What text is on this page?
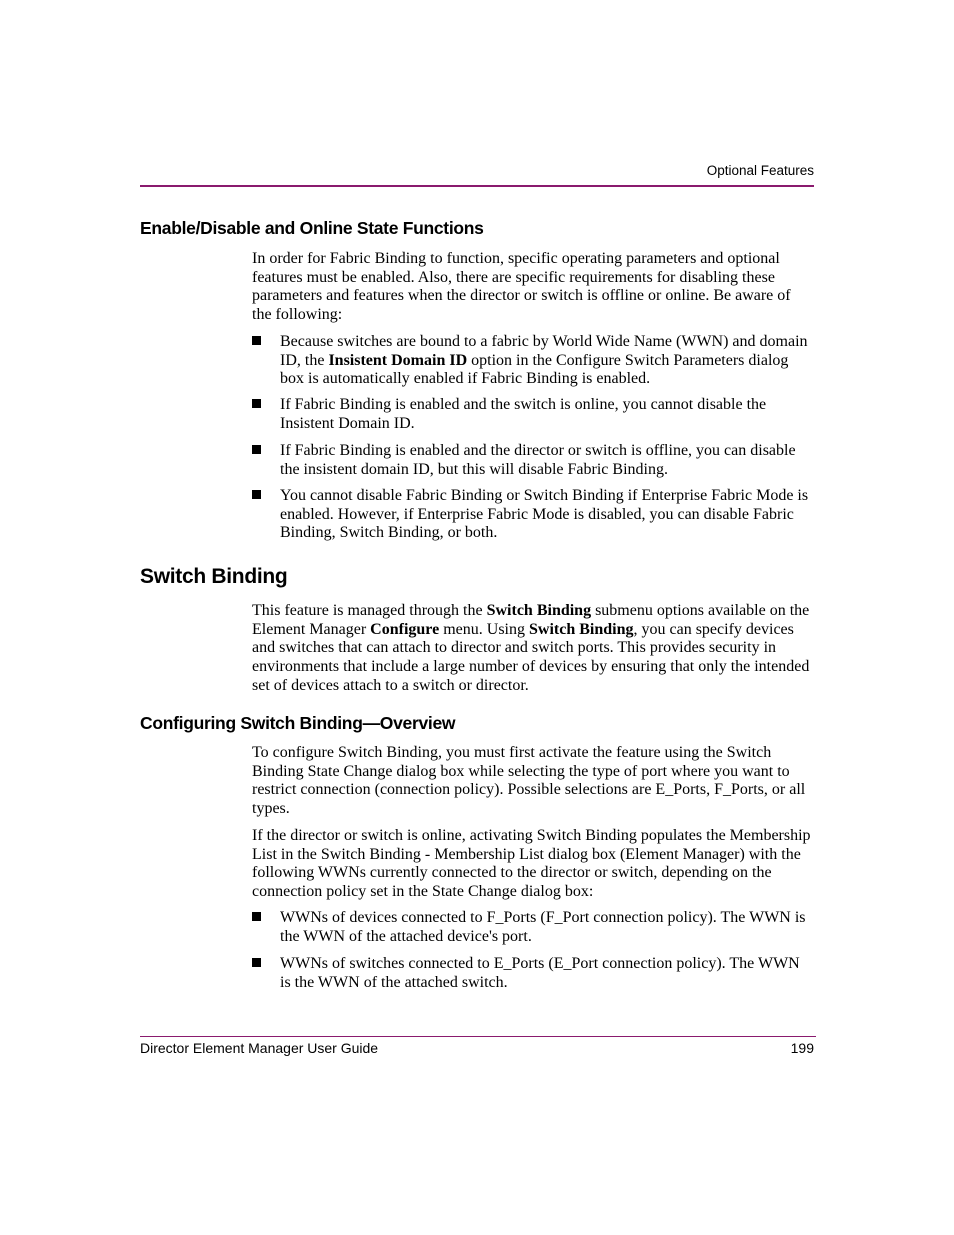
Optional Features
Enable/Disable and Online State Functions

In order for Fabric Binding to function, specific operating parameters and optional features must be enabled. Also, there are specific requirements for disabling these parameters and features when the director or switch is offline or online. Be aware of the following:

Because switches are bound to a fabric by World Wide Name (WWN) and domain ID, the Insistent Domain ID option in the Configure Switch Parameters dialog box is automatically enabled if Fabric Binding is enabled.
If Fabric Binding is enabled and the switch is online, you cannot disable the Insistent Domain ID.
If Fabric Binding is enabled and the director or switch is offline, you can disable the insistent domain ID, but this will disable Fabric Binding.
You cannot disable Fabric Binding or Switch Binding if Enterprise Fabric Mode is enabled. However, if Enterprise Fabric Mode is disabled, you can disable Fabric Binding, Switch Binding, or both.
Switch Binding

This feature is managed through the Switch Binding submenu options available on the Element Manager Configure menu. Using Switch Binding, you can specify devices and switches that can attach to director and switch ports. This provides security in environments that include a large number of devices by ensuring that only the intended set of devices attach to a switch or director.

Configuring Switch Binding—Overview

To configure Switch Binding, you must first activate the feature using the Switch Binding State Change dialog box while selecting the type of port where you want to restrict connection (connection policy). Possible selections are E_Ports, F_Ports, or all types.

If the director or switch is online, activating Switch Binding populates the Membership List in the Switch Binding - Membership List dialog box (Element Manager) with the following WWNs currently connected to the director or switch, depending on the connection policy set in the State Change dialog box:

WWNs of devices connected to F_Ports (F_Port connection policy). The WWN is the WWN of the attached device's port.
WWNs of switches connected to E_Ports (E_Port connection policy). The WWN is the WWN of the attached switch.
Director Element Manager User Guide	199
